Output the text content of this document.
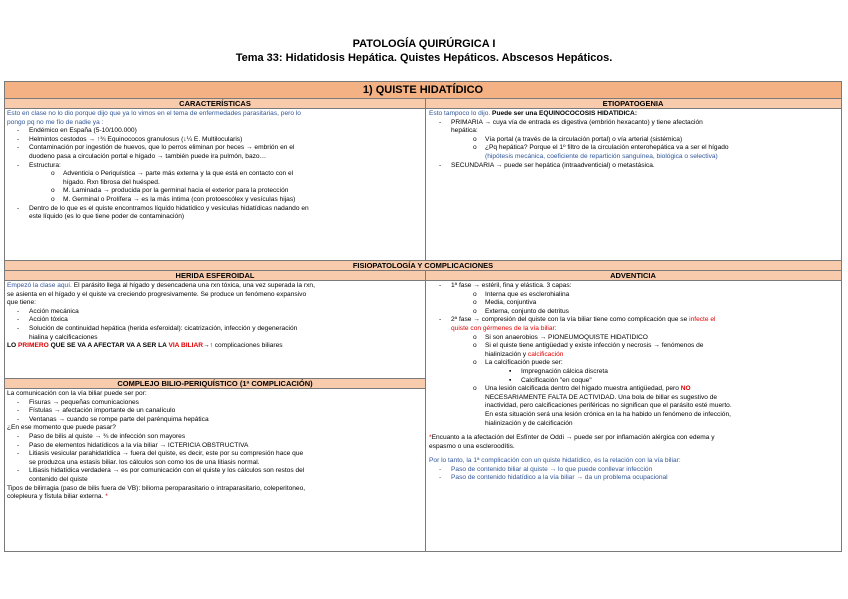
PATOLOGÍA QUIRÚRGICA I
Tema 33: Hidatidosis Hepática. Quistes Hepáticos. Abscesos Hepáticos.
1) QUISTE HIDATÍDICO
CARACTERÍSTICAS	ETIOPATOGENIA
FISIOPATOLOGÍA Y COMPLICACIONES
HERIDA ESFEROIDAL	ADVENTICIA
COMPLEJO BILIO-PERIQUÍSTICO (1ª COMPLICACIÓN)
Esto en clase no lo dio porque dijo que ya lo vimos en el tema de enfermedades parasitarias, pero lo
pongo pq no me fío de nadie ya :
- Endémico en España (5-10/100.000)
- Helmintos cestodos → ↑¾ Equinococos granulosus (↓¼ E. Multilocularis)
- Contaminación por ingestión de huevos, que lo perros eliminan por heces → embrión en el
duodeno pasa a circulación portal e hígado → también puede ira pulmón, bazo…
- Estructura:
o Adventicia o Periquística → parte más externa y la que está en contacto con el
hígado. Rxn fibrosa del huésped.
o M. Laminada → producida por la germinal hacia el exterior para la protección
o M. Germinal o Prolífera → es la más íntima (con protoescólex y vesículas hijas)
- Dentro de lo que es el quiste encontramos líquido hidatídico y vesículas hidatídicas nadando en
este líquido (es lo que tiene poder de contaminación)
Esto tampoco lo dijo. Puede ser una EQUINOCOCOSIS HIDATÍDICA:
- PRIMARIA → cuya vía de entrada es digestiva (embrión hexacanto) y tiene afectación
hepática:
o Vía portal (a través de la circulación portal) o vía arterial (sistémica)
o ¿Pq hepática? Porque el 1º filtro de la circulación enterohepática va a ser el hígado
(hipótesis mecánica, coeficiente de repartición sanguínea, biológica o selectiva)
- SECUNDARIA → puede ser hepática (intraadventicial) o metastásica.
Empezó la clase aquí. El parásito llega al hígado y desencadena una rxn tóxica, una vez superada la rxn,
se asienta en el hígado y el quiste va creciendo progresivamente. Se produce un fenómeno expansivo
que tiene:
- Acción mecánica
- Acción tóxica
- Solución de continuidad hepática (herida esferoidal): cicatrización, infección y degeneración
hialina y calcificaciones
LO PRIMERO QUE SE VA A AFECTAR VA A SER LA VÍA BILIAR→↑ complicaciones biliares
La comunicación con la vía biliar puede ser por:
- Fisuras → pequeñas comunicaciones
- Fístulas → afectación importante de un canalículo
- Ventanas → cuando se rompe parte del parénquima hepática
¿En ese momento que puede pasar?
- Paso de bilis al quiste → ¾ de infección son mayores
- Paso de elementos hidatídicos a la vía biliar → ICTERICIA OBSTRUCTIVA
- Litiasis vesicular parahidatídica → fuera del quiste, es decir, este por su compresión hace que
se produzca una estasis biliar. los cálculos son como los de una litiasis normal.
- Litiasis hidatídica verdadera → es por comunicación con el quiste y los cálculos son restos del
contenido del quiste
Tipos de bilirragia (paso de bilis fuera de VB): biliorna peroparasitario o intraparasitario, coleperitoneo,
colepleura y fístula biliar externa. *
- 1ª fase → estéril, fina y elástica. 3 capas:
o Interna que es esclerohialina
o Media, conjuntiva
o Externa, conjunto de detritus
- 2ª fase → compresión del quiste con la vía biliar tiene como complicación que se infecte el
quiste con gérmenes de la vía biliar:
o Si son anaerobios → PIONEUMOQUISTE HIDATÍDICO
o Si el quiste tiene antigüedad y existe infección y necrosis → fenómenos de
hialinización y calcificación
o La calcificación puede ser:
▪ Impregnación cálcica discreta
▪ Calcificación "en coque"
o Una lesión calcificada dentro del hígado muestra antigüedad, pero NO
NECESARIAMENTE FALTA DE ACTIVIDAD. Una bola de billar es sugestivo de
inactividad, pero calcificaciones periféricas no significan que el parásito esté muerto.
En esta situación será una lesión crónica en la ha habido un fenómeno de infección,
hialinización y de calcificación
*Encuanto a la afectación del Esfínter de Oddi → puede ser por inflamación alérgica con edema y
espasmo o una escleroodítis.
Por lo tanto, la 1ª complicación con un quiste hidatídico, es la relación con la vía biliar:
- Paso de contenido biliar al quiste → lo que puede conllevar infección
- Paso de contenido hidatídico a la vía biliar → da un problema ocupacional
